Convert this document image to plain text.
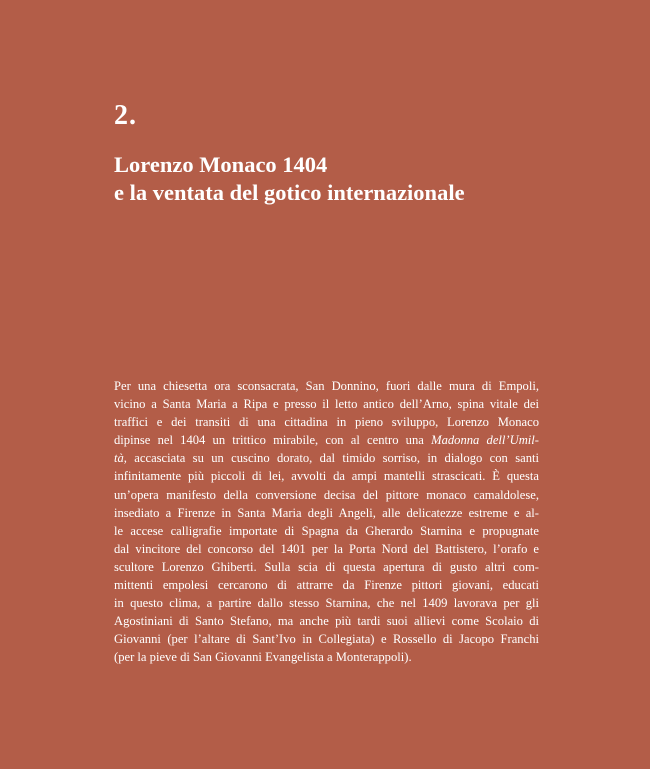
2.
Lorenzo Monaco 1404
e la ventata del gotico internazionale
Per una chiesetta ora sconsacrata, San Donnino, fuori dalle mura di Empoli,
vicino a Santa Maria a Ripa e presso il letto antico dell’Arno, spina vitale dei
traffici e dei transiti di una cittadina in pieno sviluppo, Lorenzo Monaco
dipinse nel 1404 un trittico mirabile, con al centro una Madonna dell’Umil-
tà, accasciata su un cuscino dorato, dal timido sorriso, in dialogo con santi
infinitamente più piccoli di lei, avvolti da ampi mantelli strascicati. È questa
un’opera manifesto della conversione decisa del pittore monaco camaldolese,
insediato a Firenze in Santa Maria degli Angeli, alle delicatezze estreme e al-
le accese calligrafie importate di Spagna da Gherardo Starnina e propugnate
dal vincitore del concorso del 1401 per la Porta Nord del Battistero, l’orafo e
scultore Lorenzo Ghiberti. Sulla scia di questa apertura di gusto altri com-
mittenti empolesi cercarono di attrarre da Firenze pittori giovani, educati
in questo clima, a partire dallo stesso Starnina, che nel 1409 lavorava per gli
Agostiniani di Santo Stefano, ma anche più tardi suoi allievi come Scolaio di
Giovanni (per l’altare di Sant’Ivo in Collegiata) e Rossello di Jacopo Franchi
(per la pieve di San Giovanni Evangelista a Monterappoli).
